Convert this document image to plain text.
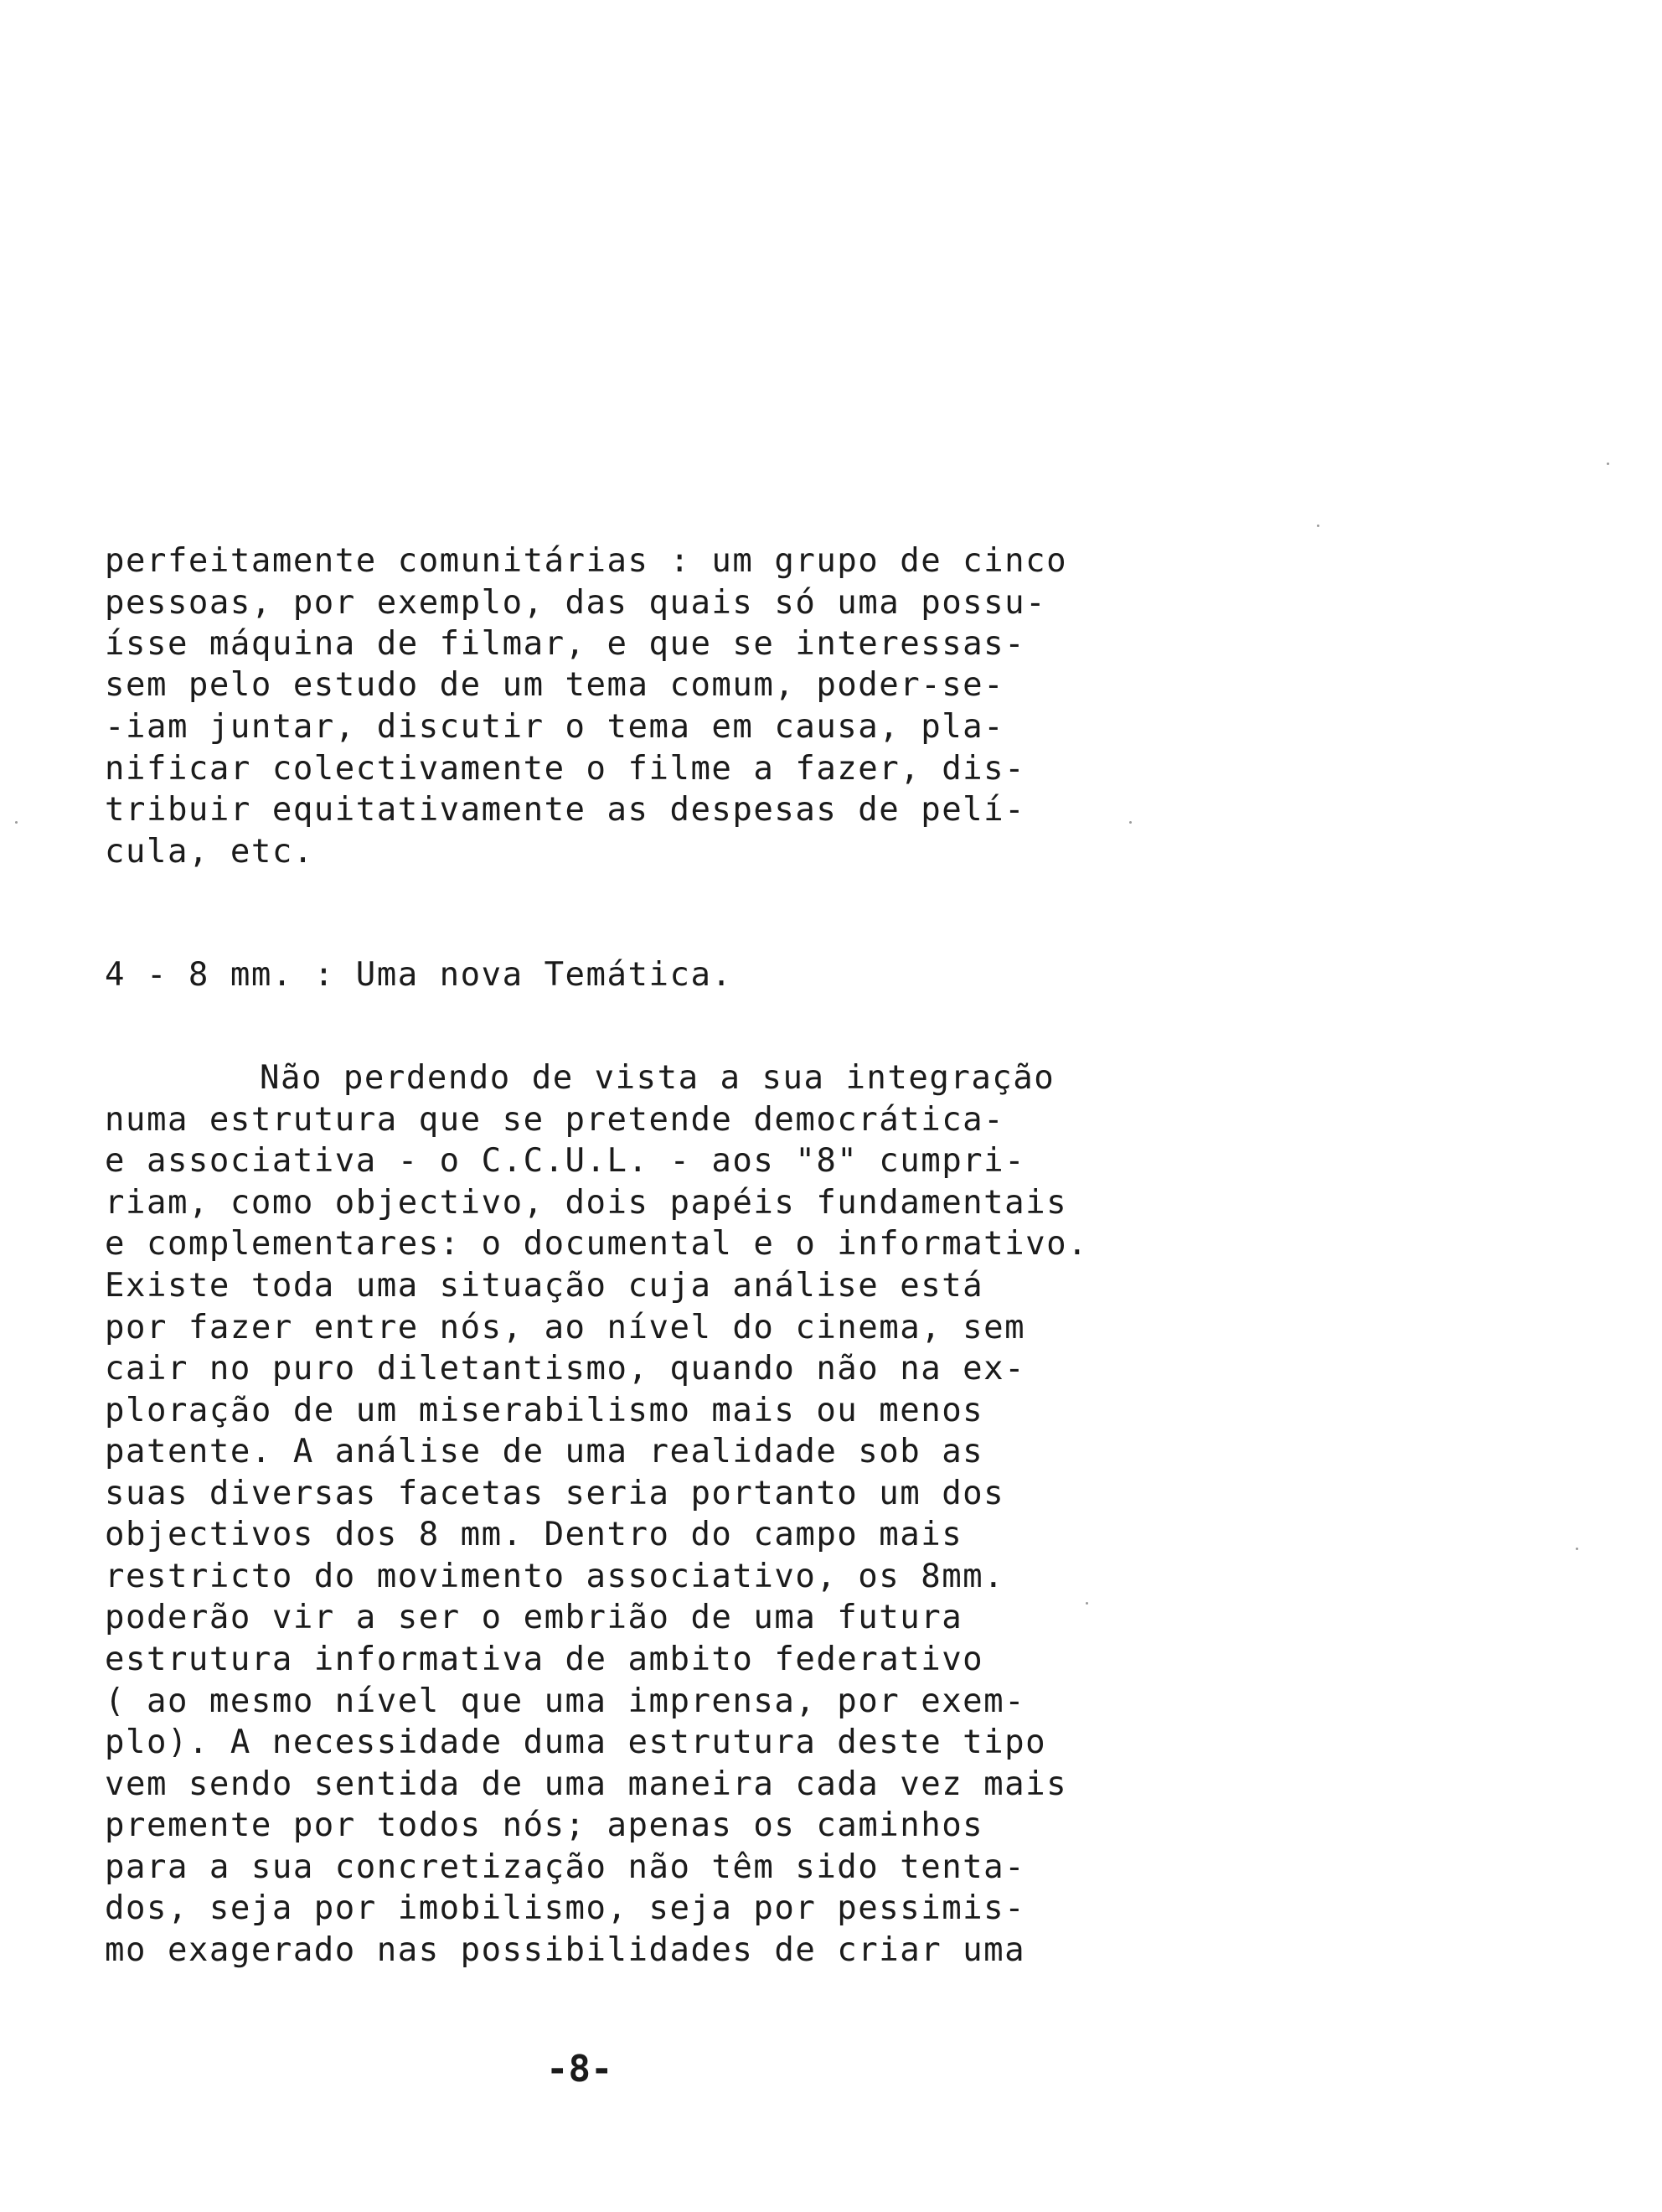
perfeitamente comunitárias : um grupo de cinco

pessoas, por exemplo, das quais só uma possu-

ísse máquina de filmar, e que se interessas-

sem pelo estudo de um tema comum, poder-se-

-iam juntar, discutir o tema em causa, pla-

nificar colectivamente o filme a fazer, dis-

tribuir equitativamente as despesas de pelí-

cula, etc.

4 - 8 mm. : Uma nova Temática.

Não perdendo de vista a sua integração

numa estrutura que se pretende democrática-

e associativa - o C.C.U.L. - aos "8" cumpri-

riam, como objectivo, dois papéis fundamentais

e complementares: o documental e o informativo.

Existe toda uma situação cuja análise está

por fazer entre nós, ao nível do cinema, sem

cair no puro diletantismo, quando não na ex-

ploração de um miserabilismo mais ou menos

patente. A análise de uma realidade sob as

suas diversas facetas seria portanto um dos

objectivos dos 8 mm. Dentro do campo mais

restricto do movimento associativo, os 8mm.

poderão vir a ser o embrião de uma futura

estrutura informativa de ambito federativo

( ao mesmo nível que uma imprensa, por exem-

plo). A necessidade duma estrutura deste tipo

vem sendo sentida de uma maneira cada vez mais

premente por todos nós; apenas os caminhos

para a sua concretização não têm sido tenta-

dos, seja por imobilismo, seja por pessimis-

mo exagerado nas possibilidades de criar uma

-8-
